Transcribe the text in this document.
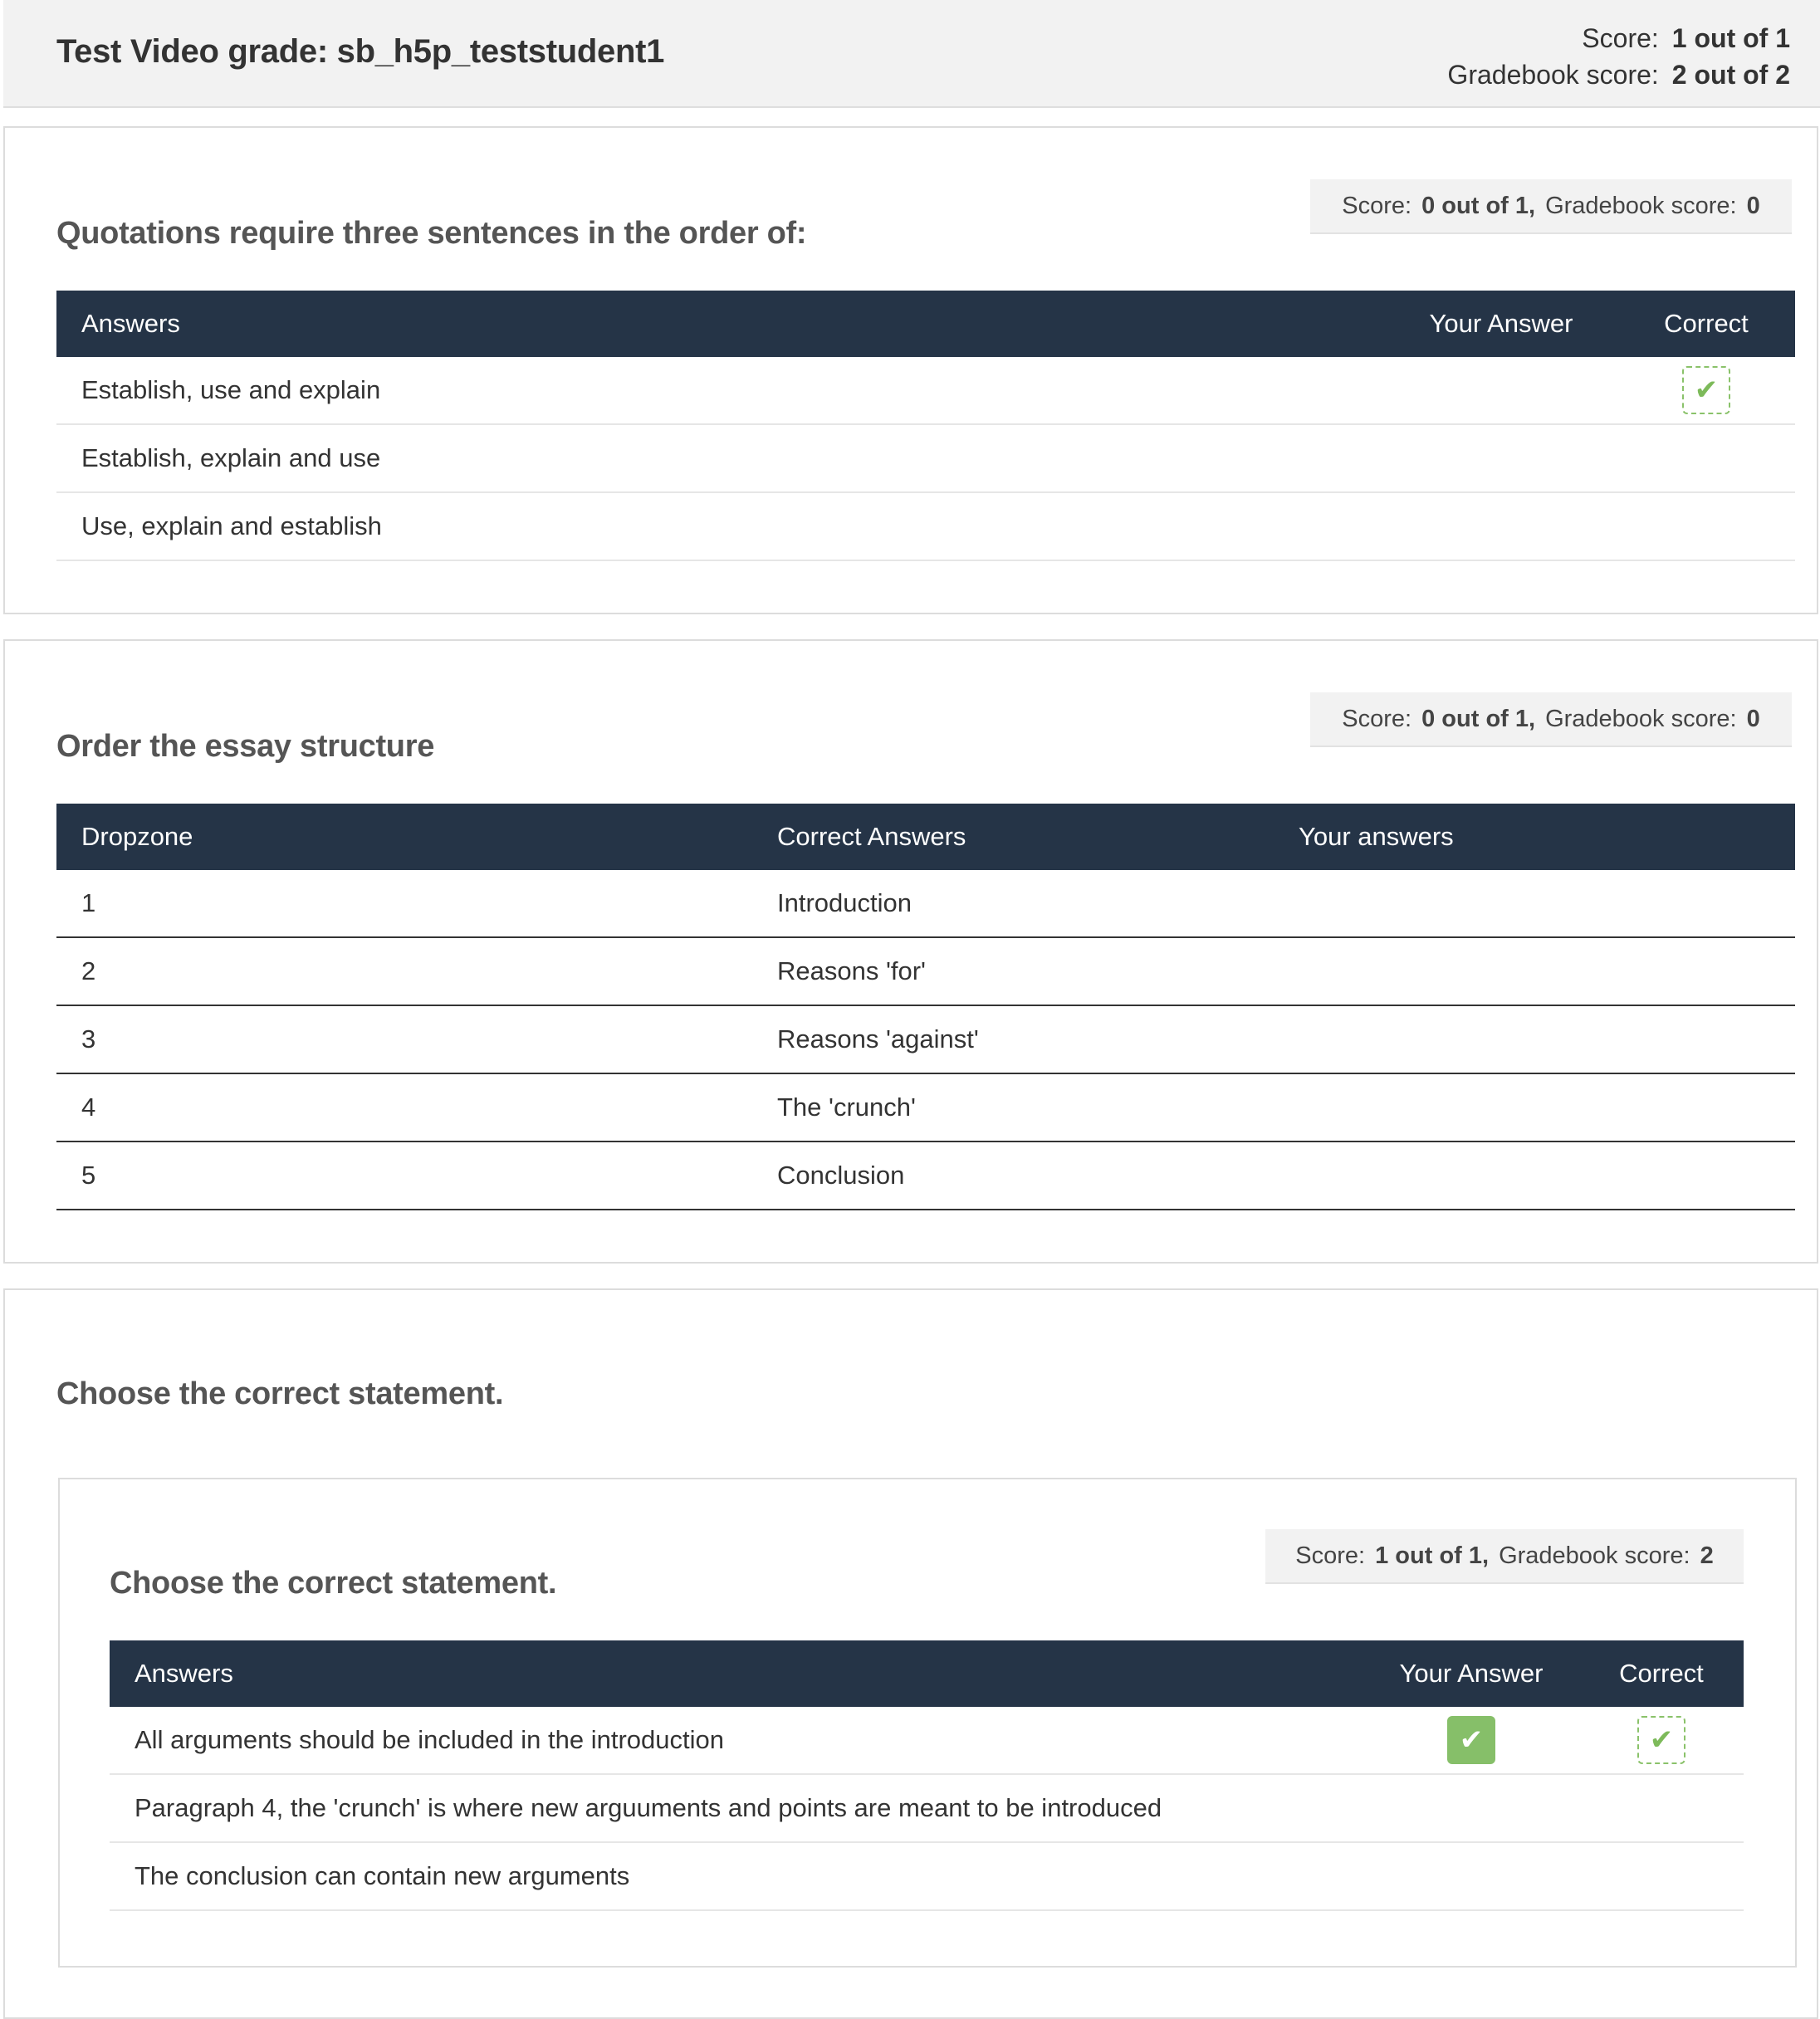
Test Video grade: sb_h5p_teststudent1	Score: 1 out of 1
Gradebook score: 2 out of 2
Score: 0 out of 1, Gradebook score: 0
Quotations require three sentences in the order of:
Answers	Your Answer	Correct
Establish, use and explain		✔
Establish, explain and use		
Use, explain and establish		
Score: 0 out of 1, Gradebook score: 0
Order the essay structure
Dropzone	Correct Answers	Your answers
1	Introduction	
2	Reasons 'for'	
3	Reasons 'against'	
4	The 'crunch'	
5	Conclusion	
Choose the correct statement.
Score: 1 out of 1, Gradebook score: 2
Choose the correct statement.
Answers	Your Answer	Correct
All arguments should be included in the introduction	✔	✔
Paragraph 4, the 'crunch' is where new arguuments and points are meant to be introduced		
The conclusion can contain new arguments		
